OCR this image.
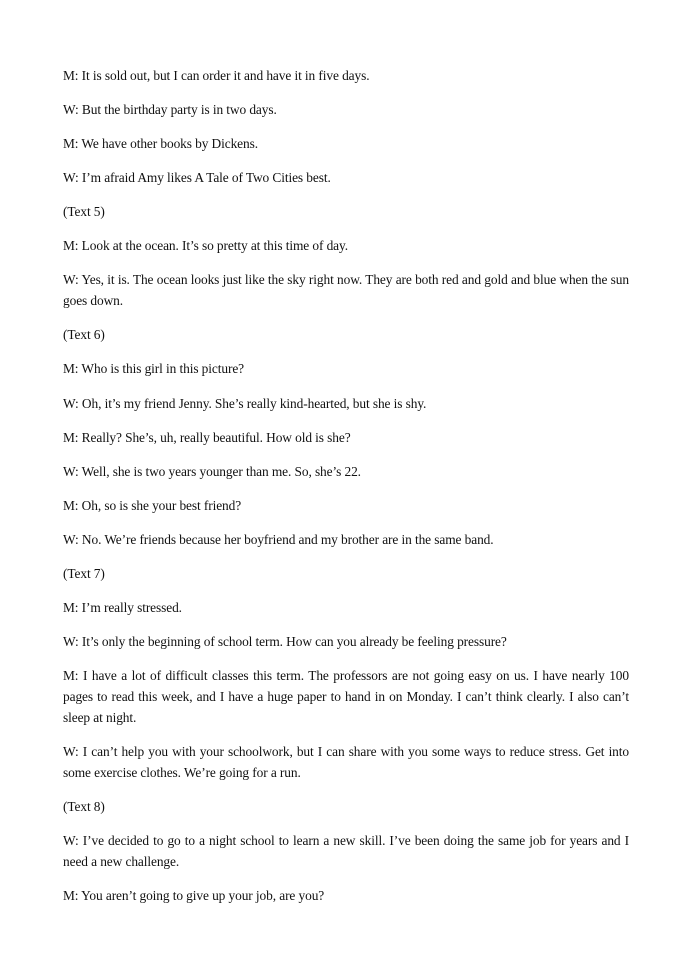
M: It is sold out, but I can order it and have it in five days.

W: But the birthday party is in two days.

M: We have other books by Dickens.

W: I’m afraid Amy likes A Tale of Two Cities best.

(Text 5)

M: Look at the ocean. It’s so pretty at this time of day.

W: Yes, it is. The ocean looks just like the sky right now. They are both red and gold and blue when the sun goes down.

(Text 6)

M: Who is this girl in this picture?

W: Oh, it’s my friend Jenny. She’s really kind-hearted, but she is shy.

M: Really? She’s, uh, really beautiful. How old is she?

W: Well, she is two years younger than me. So, she’s 22.

M: Oh, so is she your best friend?

W: No. We’re friends because her boyfriend and my brother are in the same band.

(Text 7)

M: I’m really stressed.

W: It’s only the beginning of school term. How can you already be feeling pressure?

M: I have a lot of difficult classes this term. The professors are not going easy on us. I have nearly 100 pages to read this week, and I have a huge paper to hand in on Monday. I can’t think clearly. I also can’t sleep at night.

W: I can’t help you with your schoolwork, but I can share with you some ways to reduce stress. Get into some exercise clothes. We’re going for a run.

(Text 8)

W: I’ve decided to go to a night school to learn a new skill. I’ve been doing the same job for years and I need a new challenge.

M: You aren’t going to give up your job, are you?
